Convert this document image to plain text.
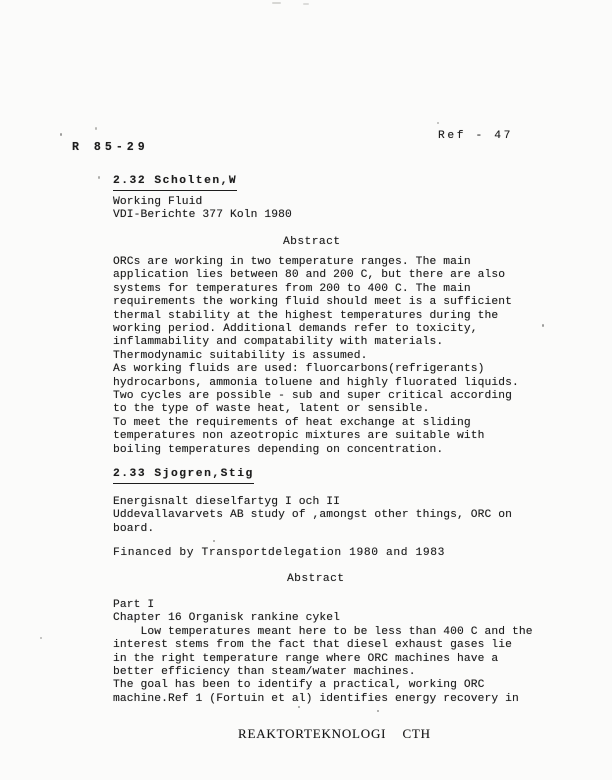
R 85-29
Ref - 47
2.32 Scholten,W
Working Fluid
VDI-Berichte 377 Koln 1980
Abstract
ORCs are working in two temperature ranges. The main
application lies between 80 and 200 C, but there are also
systems for temperatures from 200 to 400 C. The main
requirements the working fluid should meet is a sufficient
thermal stability at the highest temperatures during the
working period. Additional demands refer to toxicity,
inflammability and compatability with materials.
Thermodynamic suitability is assumed.
As working fluids are used: fluorcarbons(refrigerants)
hydrocarbons, ammonia toluene and highly fluorated liquids.
Two cycles are possible - sub and super critical according
to the type of waste heat, latent or sensible.
To meet the requirements of heat exchange at sliding
temperatures non azeotropic mixtures are suitable with
boiling temperatures depending on concentration.
2.33 Sjogren,Stig
Energisnalt dieselfartyg I och II
Uddevallavarvets AB study of ,amongst other things, ORC on
board.
Financed by Transportdelegation 1980 and 1983
Abstract
Part I
Chapter 16 Organisk rankine cykel
Low temperatures meant here to be less than 400 C and the
interest stems from the fact that diesel exhaust gases lie
in the right temperature range where ORC machines have a
better efficiency than steam/water machines.
The goal has been to identify a practical, working ORC
machine.Ref 1 (Fortuin et al) identifies energy recovery in
REAKTORTEKNOLOGI    CTH
